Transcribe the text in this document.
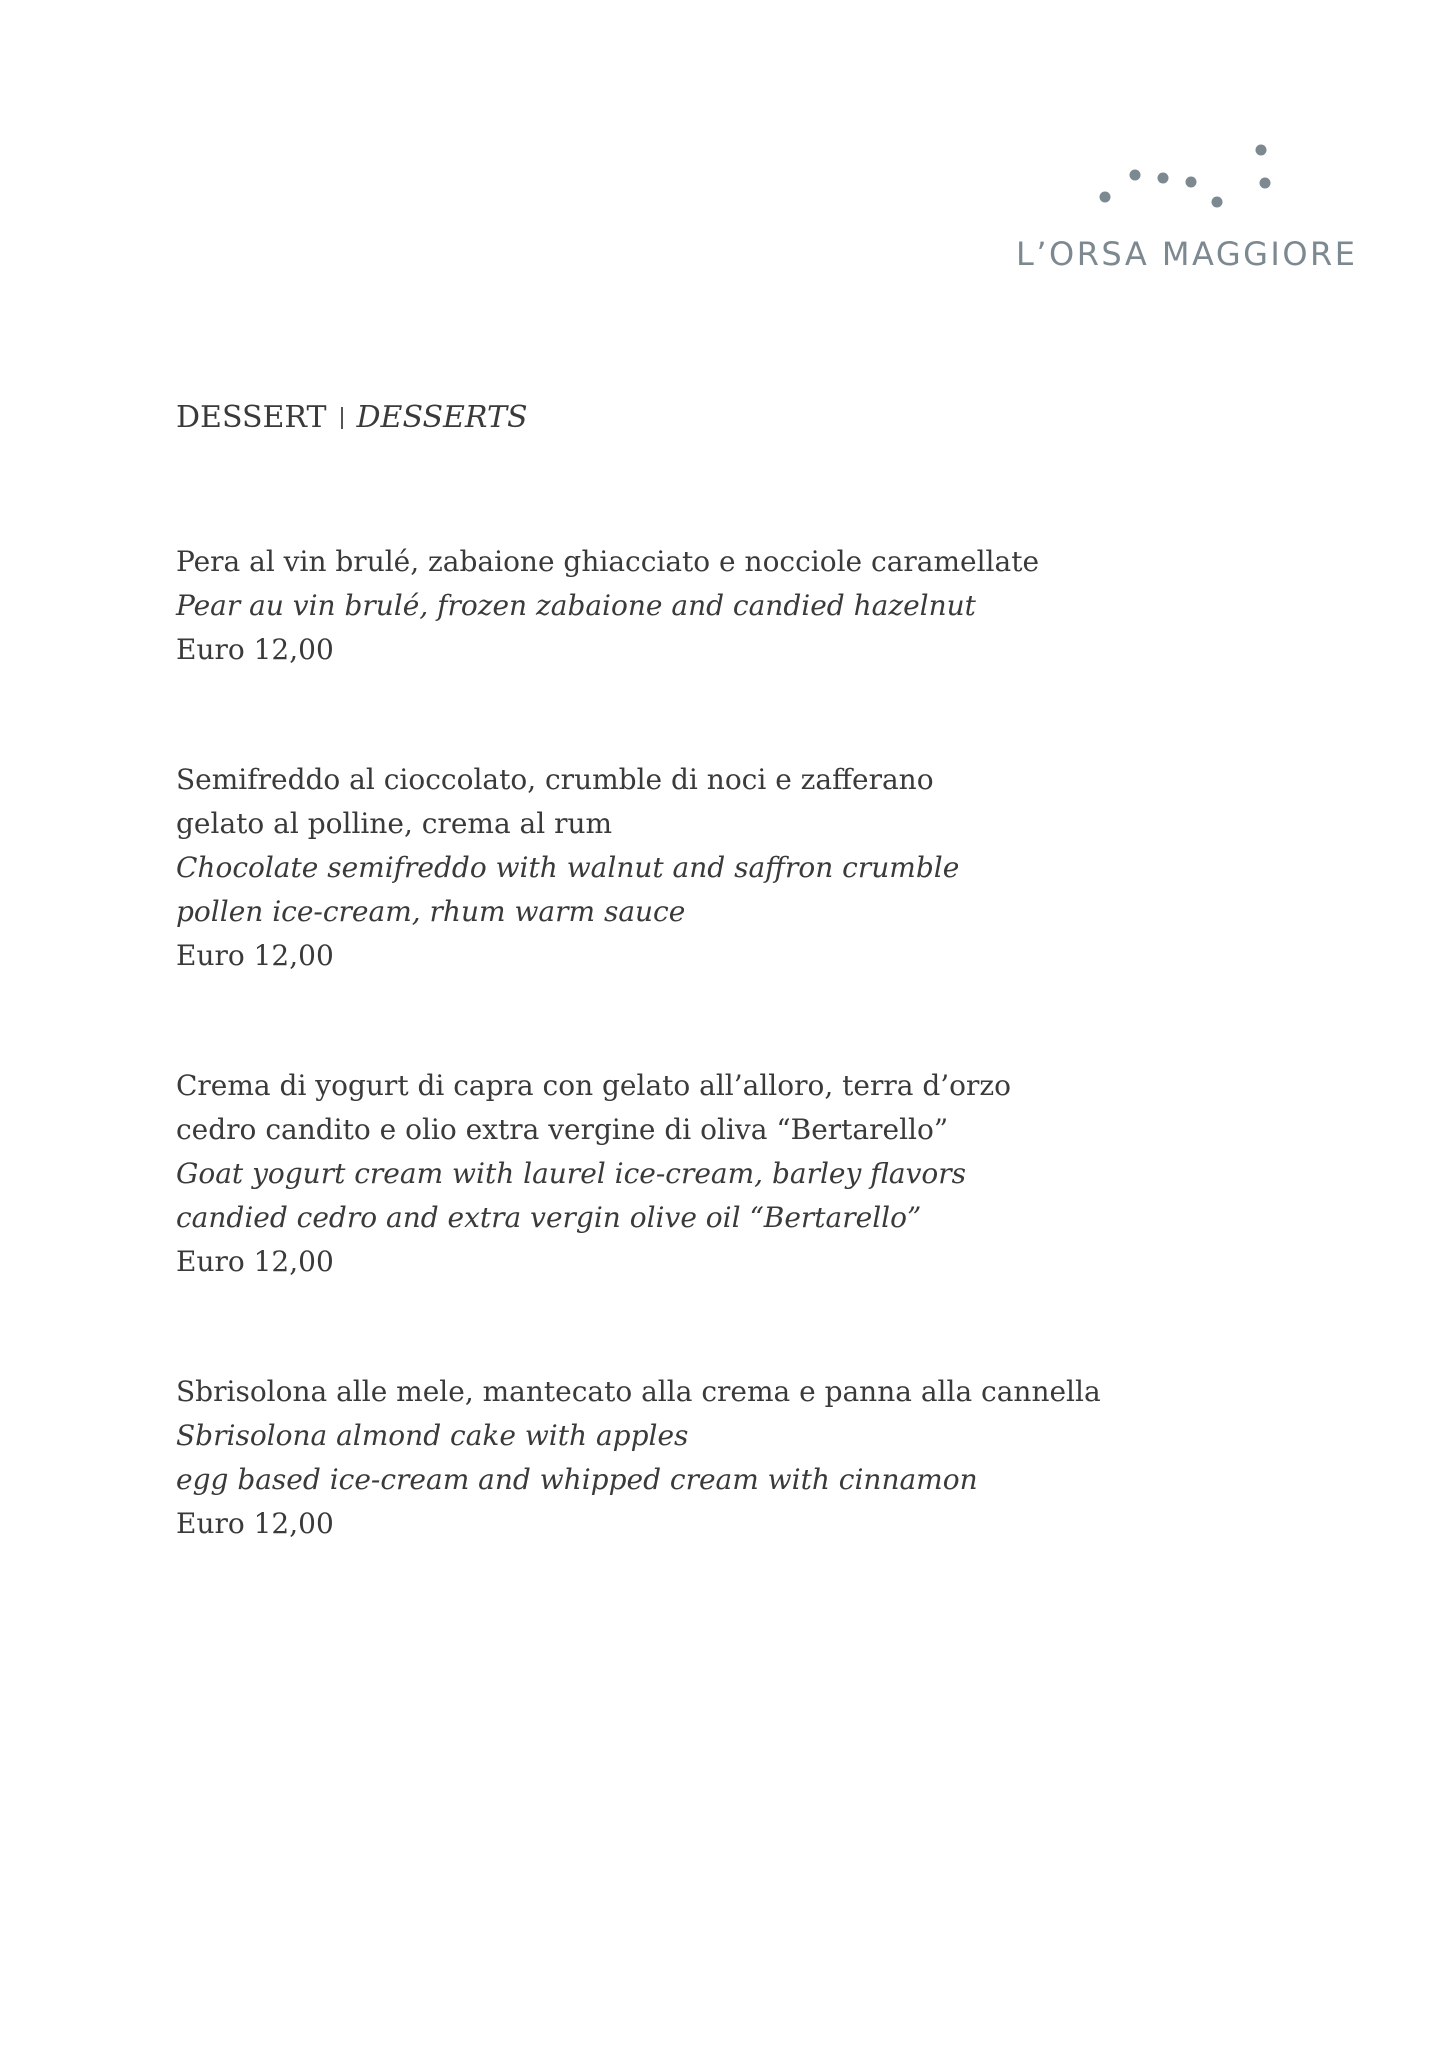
L’ORSA MAGGIORE
DESSERT DESSERTS
Pera al vin brulé, zabaione ghiacciato e nocciole caramellate
Pear au vin brulé, frozen zabaione and candied hazelnut
Euro 12,00
Semifreddo al cioccolato, crumble di noci e zafferano
gelato al polline, crema al rum
Chocolate semifreddo with walnut and saffron crumble
pollen ice-cream, rhum warm sauce
Euro 12,00
Crema di yogurt di capra con gelato all’alloro, terra d’orzo
cedro candito e olio extra vergine di oliva “Bertarello”
Goat yogurt cream with laurel ice-cream, barley flavors
candied cedro and extra vergin olive oil “Bertarello”
Euro 12,00
Sbrisolona alle mele, mantecato alla crema e panna alla cannella
Sbrisolona almond cake with apples
egg based ice-cream and whipped cream with cinnamon
Euro 12,00
